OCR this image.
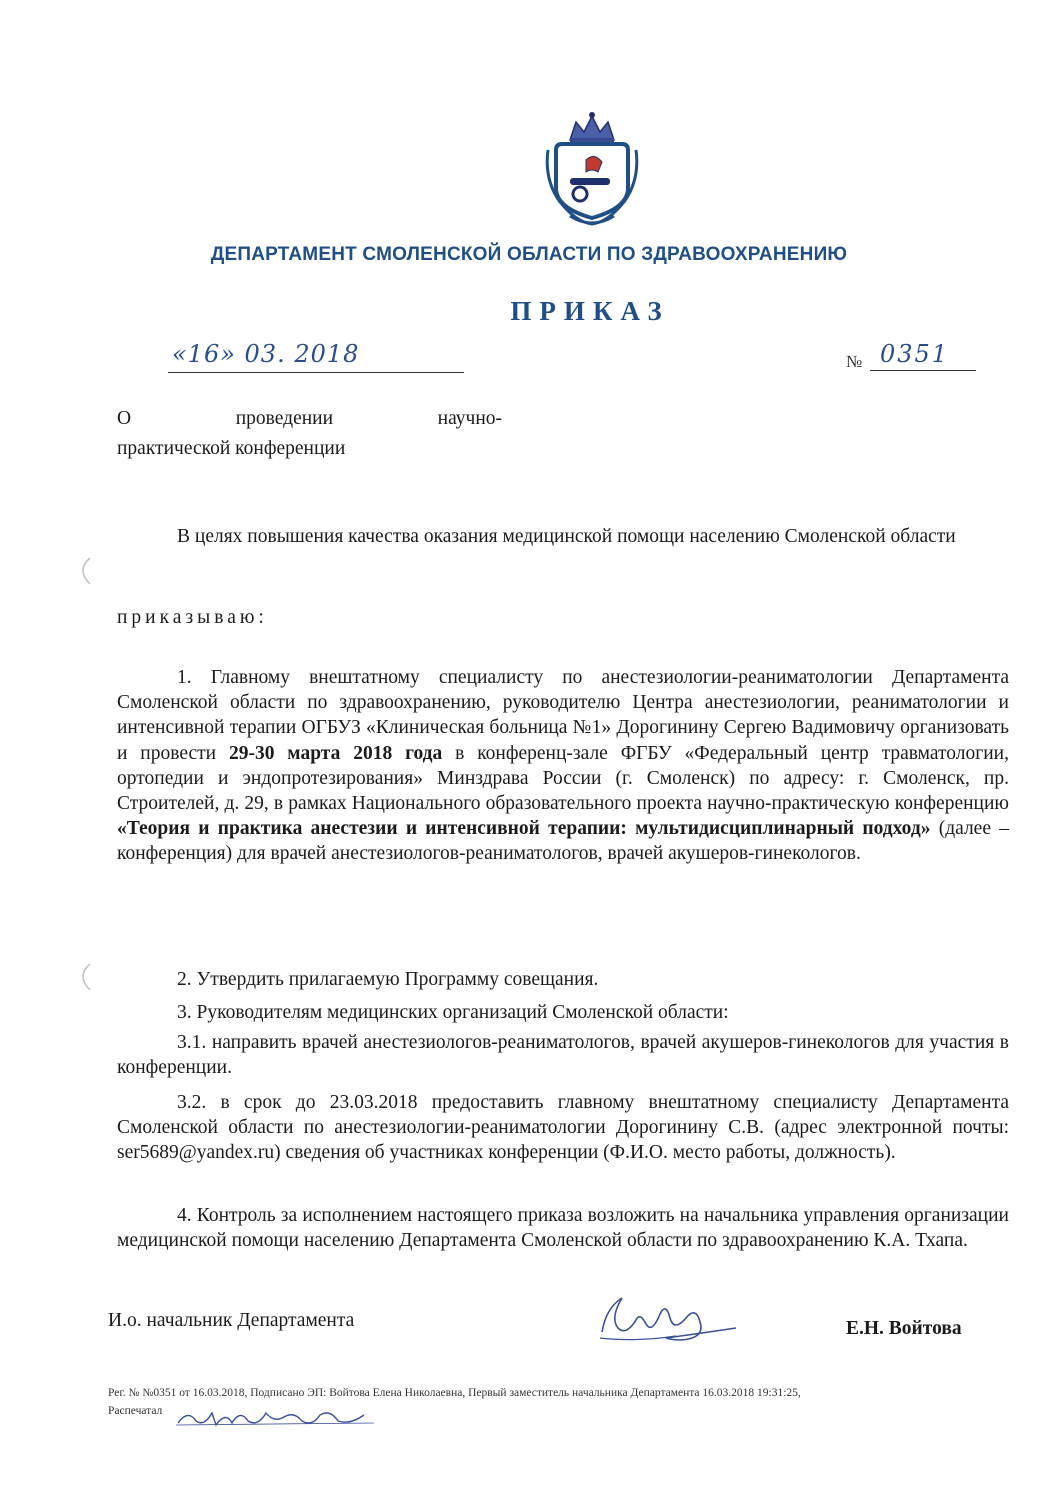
ДЕПАРТАМЕНТ СМОЛЕНСКОЙ ОБЛАСТИ ПО ЗДРАВООХРАНЕНИЮ
ПРИКАЗ
«16» 03. 2018	№ 0351
О проведении научно-
практической конференции

В целях повышения качества оказания медицинской помощи населению Смоленской области

приказываю:

1. Главному внештатному специалисту по анестезиологии-реаниматологии Департамента Смоленской области по здравоохранению, руководителю Центра анестезиологии, реаниматологии и интенсивной терапии ОГБУЗ «Клиническая больница №1» Дорогинину Сергею Вадимовичу организовать и провести 29-30 марта 2018 года в конференц-зале ФГБУ «Федеральный центр травматологии, ортопедии и эндопротезирования» Минздрава России (г. Смоленск) по адресу: г. Смоленск, пр. Строителей, д. 29, в рамках Национального образовательного проекта научно-практическую конференцию «Теория и практика анестезии и интенсивной терапии: мультидисциплинарный подход» (далее – конференция) для врачей анестезиологов-реаниматологов, врачей акушеров-гинекологов.

2. Утвердить прилагаемую Программу совещания.

3. Руководителям медицинских организаций Смоленской области:

3.1. направить врачей анестезиологов-реаниматологов, врачей акушеров-гинекологов для участия в конференции.

3.2. в срок до 23.03.2018 предоставить главному внештатному специалисту Департамента Смоленской области по анестезиологии-реаниматологии Дорогинину С.В. (адрес электронной почты: ser5689@yandex.ru) сведения об участниках конференции (Ф.И.О. место работы, должность).

4. Контроль за исполнением настоящего приказа возложить на начальника управления организации медицинской помощи населению Департамента Смоленской области по здравоохранению К.А. Тхапа.

И.о. начальник Департамента	Е.Н. Войтова
Рег. № №0351 от 16.03.2018, Подписано ЭП: Войтова Елена Николаевна, Первый заместитель начальника Департамента 16.03.2018 19:31:25,
Распечатал
